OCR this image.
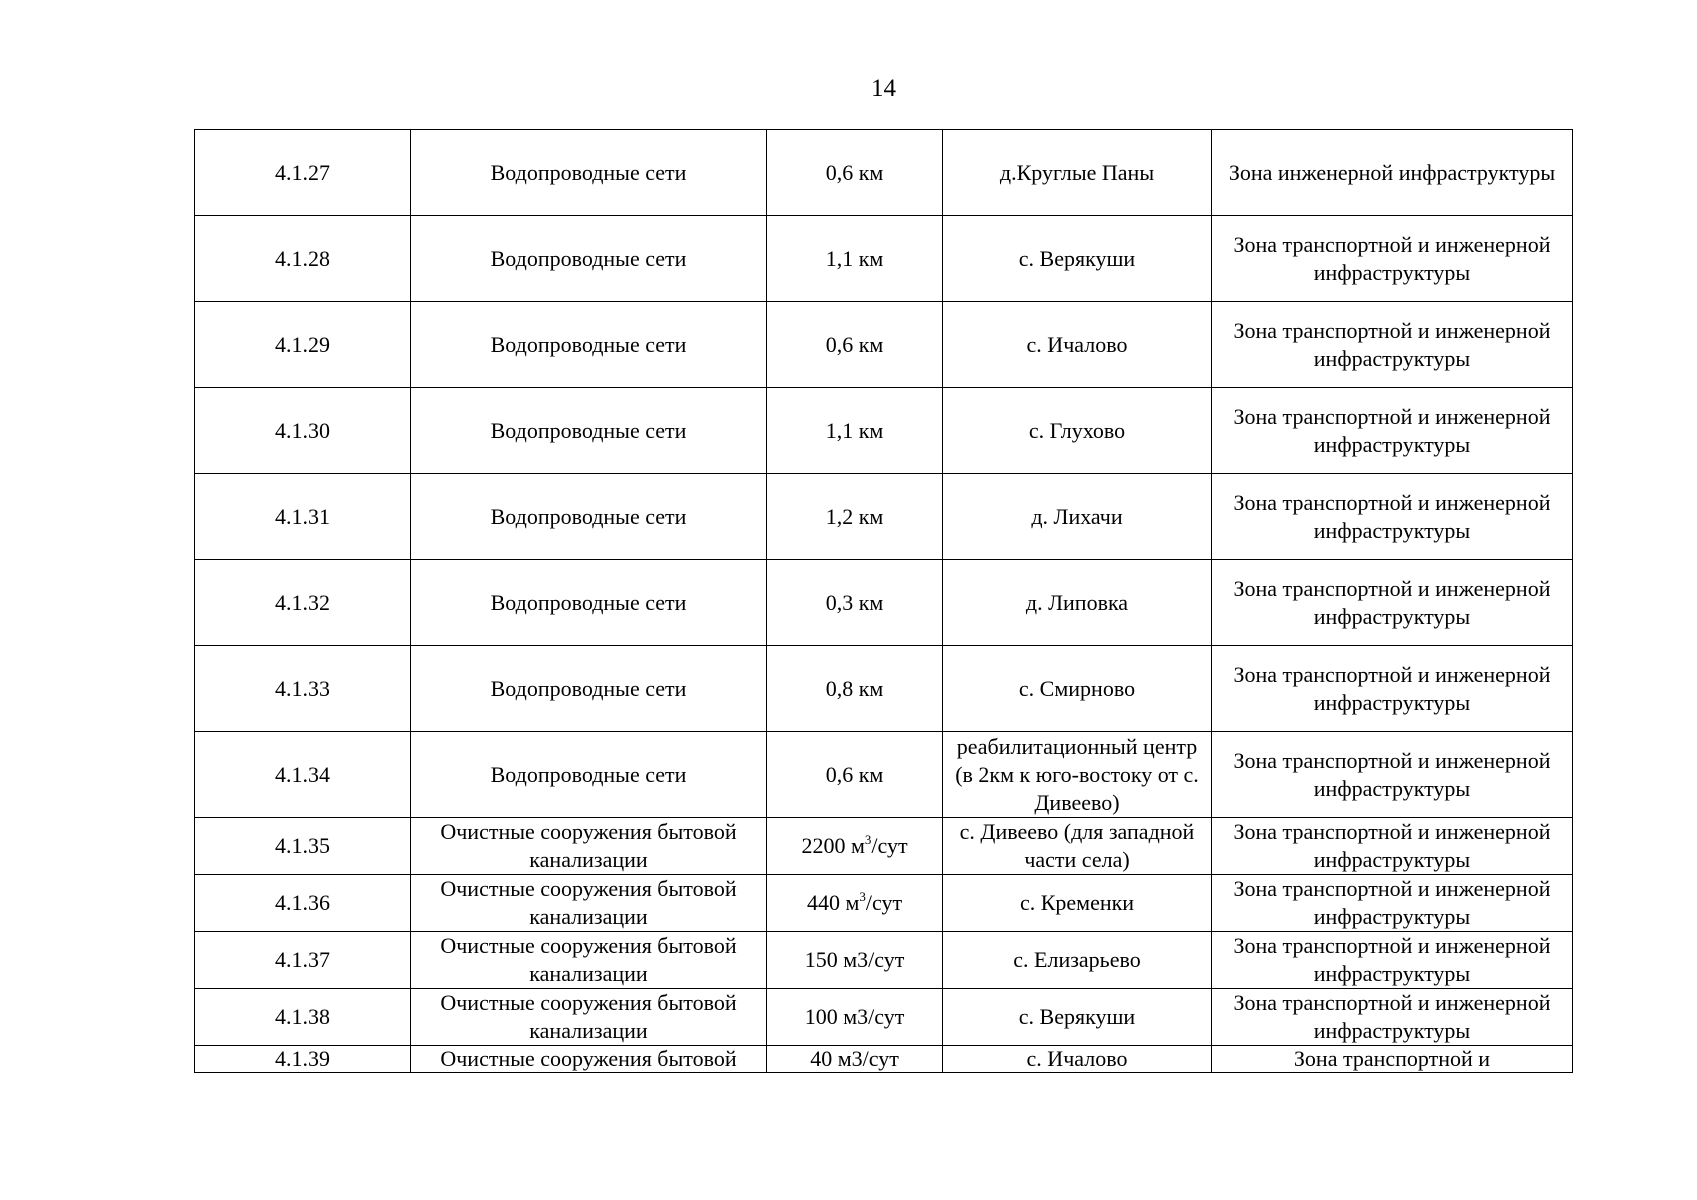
14
4.1.27	Водопроводные сети	0,6 км	д.Круглые Паны	Зона инженерной инфраструктуры
4.1.28	Водопроводные сети	1,1 км	с. Верякуши	Зона транспортной и инженерной инфраструктуры
4.1.29	Водопроводные сети	0,6 км	с. Ичалово	Зона транспортной и инженерной инфраструктуры
4.1.30	Водопроводные сети	1,1 км	с. Глухово	Зона транспортной и инженерной инфраструктуры
4.1.31	Водопроводные сети	1,2 км	д. Лихачи	Зона транспортной и инженерной инфраструктуры
4.1.32	Водопроводные сети	0,3 км	д. Липовка	Зона транспортной и инженерной инфраструктуры
4.1.33	Водопроводные сети	0,8 км	с. Смирново	Зона транспортной и инженерной инфраструктуры
4.1.34	Водопроводные сети	0,6 км	реабилитационный центр (в 2км к юго-востоку от с. Дивеево)	Зона транспортной и инженерной инфраструктуры
4.1.35	Очистные сооружения бытовой канализации	2200 $м^3$/сут	с. Дивеево (для западной части села)	Зона транспортной и инженерной инфраструктуры
4.1.36	Очистные сооружения бытовой канализации	440 $м^3$/сут	с. Кременки	Зона транспортной и инженерной инфраструктуры
4.1.37	Очистные сооружения бытовой канализации	150 м3/сут	с. Елизарьево	Зона транспортной и инженерной инфраструктуры
4.1.38	Очистные сооружения бытовой канализации	100 м3/сут	с. Верякуши	Зона транспортной и инженерной инфраструктуры
4.1.39	Очистные сооружения бытовой	40 м3/сут	с. Ичалово	Зона транспортной и
